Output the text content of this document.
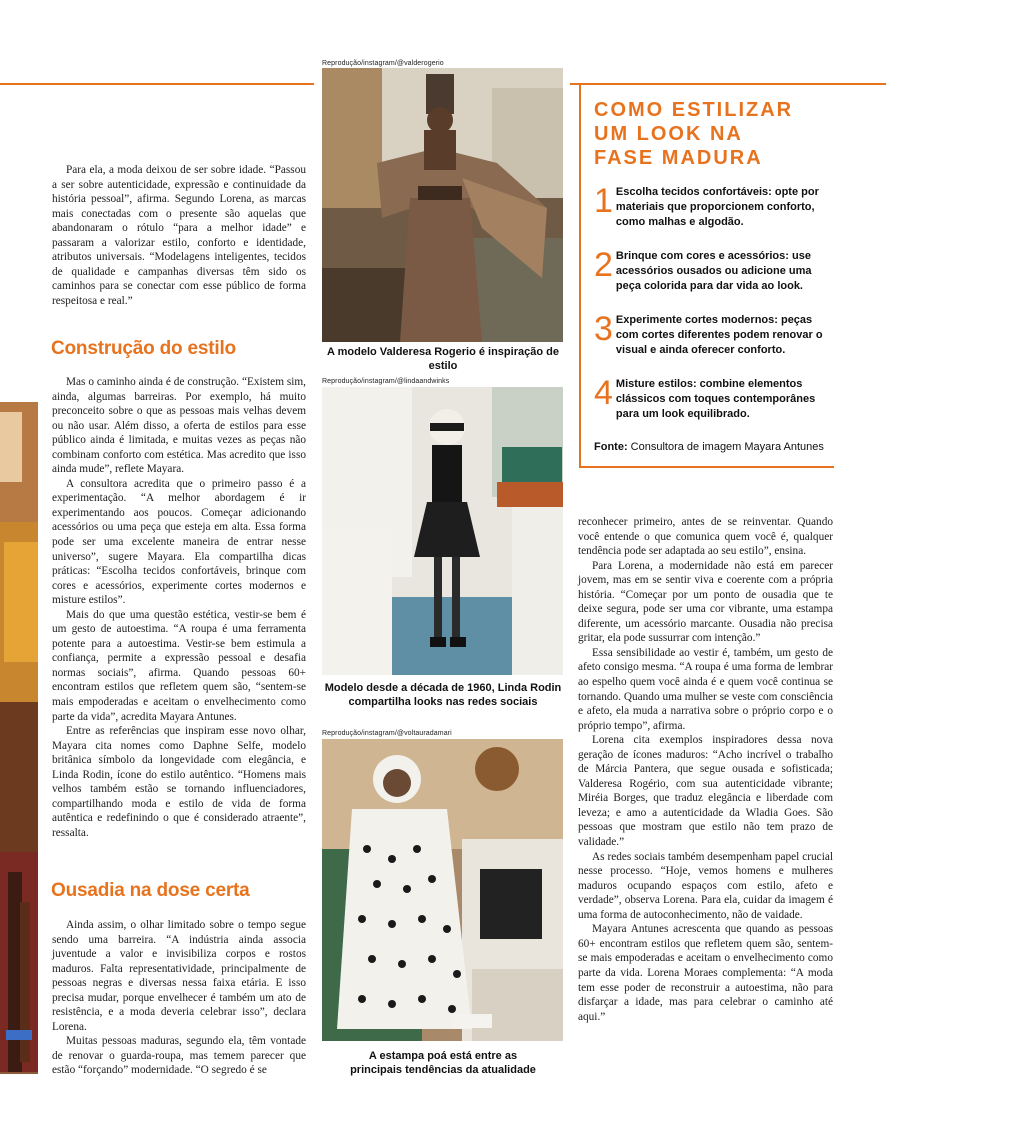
Para ela, a moda deixou de ser sobre idade. “Passou a ser sobre autenticidade, expressão e continuidade da história pessoal”, afirma. Segundo Lorena, as marcas mais conectadas com o presente são aquelas que abandonaram o rótulo “para a melhor idade” e passaram a valorizar estilo, conforto e identidade, atributos universais. “Modelagens inteligentes, tecidos de qualidade e campanhas diversas têm sido os caminhos para se conectar com esse público de forma respeitosa e real.”

Construção do estilo

Mas o caminho ainda é de construção. “Existem sim, ainda, algumas barreiras. Por exemplo, há muito preconceito sobre o que as pessoas mais velhas devem ou não usar. Além disso, a oferta de estilos para esse público ainda é limitada, e muitas vezes as peças não combinam conforto com estética. Mas acredito que isso ainda mude”, reflete Mayara.

A consultora acredita que o primeiro passo é a experimentação. “A melhor abordagem é ir experimentando aos poucos. Começar adicionando acessórios ou uma peça que esteja em alta. Essa forma pode ser uma excelente maneira de entrar nesse universo”, sugere Mayara. Ela compartilha dicas práticas: “Escolha tecidos confortáveis, brinque com cores e acessórios, experimente cortes modernos e misture estilos”.

Mais do que uma questão estética, vestir-se bem é um gesto de autoestima. “A roupa é uma ferramenta potente para a autoestima. Vestir-se bem estimula a confiança, permite a expressão pessoal e desafia normas sociais”, afirma. Quando pessoas 60+ encontram estilos que refletem quem são, “sentem-se mais empoderadas e aceitam o envelhecimento como parte da vida”, acredita Mayara Antunes.

Entre as referências que inspiram esse novo olhar, Mayara cita nomes como Daphne Selfe, modelo britânica símbolo da longevidade com elegância, e Linda Rodin, ícone do estilo autêntico. “Homens mais velhos também estão se tornando influenciadores, compartilhando moda e estilo de vida de forma autêntica e redefinindo o que é considerado atraente”, ressalta.

Ousadia na dose certa

Ainda assim, o olhar limitado sobre o tempo segue sendo uma barreira. “A indústria ainda associa juventude a valor e invisibiliza corpos e rostos maduros. Falta representatividade, principalmente de pessoas negras e diversas nessa faixa etária. E isso precisa mudar, porque envelhecer é também um ato de resistência, e a moda deveria celebrar isso”, declara Lorena.

Muitas pessoas maduras, segundo ela, têm vontade de renovar o guarda-roupa, mas temem parecer que estão “forçando” modernidade. “O segredo é se

Reprodução/instagram/@valderogerio
A modelo Valderesa Rogerio é inspiração de estilo
Reprodução/instagram/@lindaandwinks
Modelo desde a década de 1960, Linda Rodin
compartilha looks nas redes sociais
Reprodução/instagram/@voltauradamari
A estampa poá está entre as
principais tendências da atualidade
COMO ESTILIZAR
UM LOOK NA
FASE MADURA
1 Escolha tecidos confortáveis: opte por materiais que proporcionem conforto, como malhas e algodão.
2 Brinque com cores e acessórios: use acessórios ousados ou adicione uma peça colorida para dar vida ao look.
3 Experimente cortes modernos: peças com cortes diferentes podem renovar o visual e ainda oferecer conforto.
4 Misture estilos: combine elementos clássicos com toques contemporânes para um look equilibrado.
Fonte: Consultora de imagem Mayara Antunes

reconhecer primeiro, antes de se reinventar. Quando você entende o que comunica quem você é, qualquer tendência pode ser adaptada ao seu estilo”, ensina.

Para Lorena, a modernidade não está em parecer jovem, mas em se sentir viva e coerente com a própria história. “Começar por um ponto de ousadia que te deixe segura, pode ser uma cor vibrante, uma estampa diferente, um acessório marcante. Ousadia não precisa gritar, ela pode sussurrar com intenção.”

Essa sensibilidade ao vestir é, também, um gesto de afeto consigo mesma. “A roupa é uma forma de lembrar ao espelho quem você ainda é e quem você continua se tornando. Quando uma mulher se veste com consciência e afeto, ela muda a narrativa sobre o próprio corpo e o próprio tempo”, afirma.

Lorena cita exemplos inspiradores dessa nova geração de ícones maduros: “Acho incrível o trabalho de Márcia Pantera, que segue ousada e sofisticada; Valderesa Rogério, com sua autenticidade vibrante; Miréia Borges, que traduz elegância e liberdade com leveza; e amo a autenticidade da Wladia Goes. São pessoas que mostram que estilo não tem prazo de validade.”

As redes sociais também desempenham papel crucial nesse processo. “Hoje, vemos homens e mulheres maduros ocupando espaços com estilo, afeto e verdade”, observa Lorena. Para ela, cuidar da imagem é uma forma de autoconhecimento, não de vaidade.

Mayara Antunes acrescenta que quando as pessoas 60+ encontram estilos que refletem quem são, sentem-se mais empoderadas e aceitam o envelhecimento como parte da vida. Lorena Moraes complementa: “A moda tem esse poder de reconstruir a autoestima, não para disfarçar a idade, mas para celebrar o caminho até aqui.”
